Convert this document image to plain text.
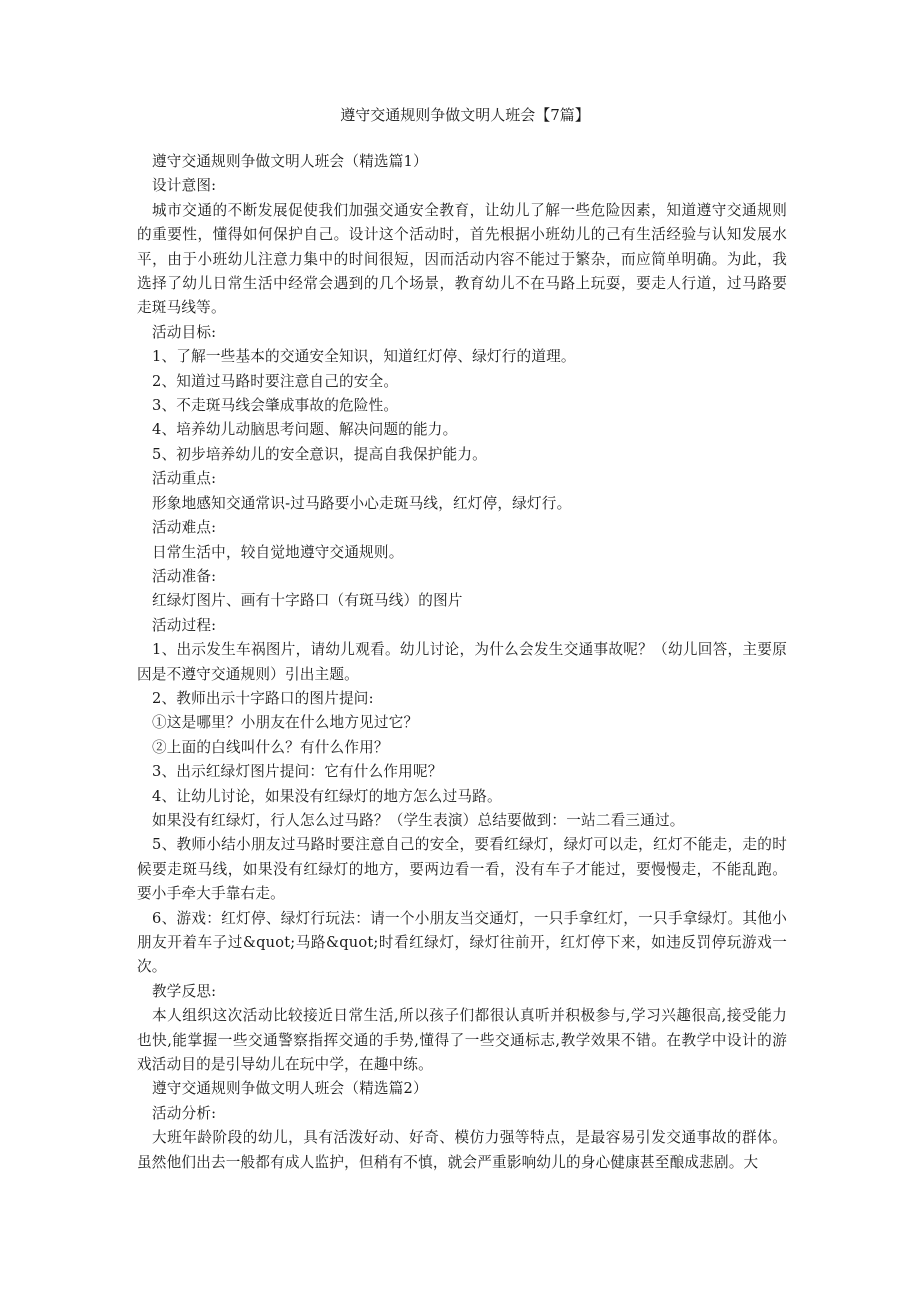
遵守交通规则争做文明人班会【7篇】

遵守交通规则争做文明人班会（精选篇1）

设计意图:

城市交通的不断发展促使我们加强交通安全教育，让幼儿了解一些危险因素，知道遵守交通规则的重要性，懂得如何保护自己。设计这个活动时，首先根据小班幼儿的己有生活经验与认知发展水平，由于小班幼儿注意力集中的时间很短，因而活动内容不能过于繁杂，而应简单明确。为此，我选择了幼儿日常生活中经常会遇到的几个场景，教育幼儿不在马路上玩耍，要走人行道，过马路要走斑马线等。

活动目标:

1、了解一些基本的交通安全知识，知道红灯停、绿灯行的道理。

2、知道过马路时要注意自己的安全。

3、不走斑马线会肇成事故的危险性。

4、培养幼儿动脑思考问题、解决问题的能力。

5、初步培养幼儿的安全意识，提高自我保护能力。

活动重点:

形象地感知交通常识-过马路要小心走斑马线，红灯停，绿灯行。

活动难点:

日常生活中，较自觉地遵守交通规则。

活动准备:

红绿灯图片、画有十字路口（有斑马线）的图片

活动过程:

1、出示发生车祸图片，请幼儿观看。幼儿讨论，为什么会发生交通事故呢？（幼儿回答，主要原因是不遵守交通规则）引出主题。

2、教师出示十字路口的图片提问:

①这是哪里？小朋友在什么地方见过它？

②上面的白线叫什么？有什么作用？

3、出示红绿灯图片提问：它有什么作用呢？

4、让幼儿讨论，如果没有红绿灯的地方怎么过马路。

如果没有红绿灯，行人怎么过马路？（学生表演）总结要做到：一站二看三通过。

5、教师小结小朋友过马路时要注意自己的安全，要看红绿灯，绿灯可以走，红灯不能走，走的时候要走斑马线，如果没有红绿灯的地方，要两边看一看，没有车子才能过，要慢慢走，不能乱跑。要小手牵大手靠右走。

6、游戏：红灯停、绿灯行玩法：请一个小朋友当交通灯，一只手拿红灯，一只手拿绿灯。其他小朋友开着车子过&quot;马路&quot;时看红绿灯，绿灯往前开，红灯停下来，如违反罚停玩游戏一次。

教学反思:

本人组织这次活动比较接近日常生活,所以孩子们都很认真听并积极参与,学习兴趣很高,接受能力也快,能掌握一些交通警察指挥交通的手势,懂得了一些交通标志,教学效果不错。在教学中设计的游戏活动目的是引导幼儿在玩中学，在趣中练。

遵守交通规则争做文明人班会（精选篇2）

活动分析:

大班年龄阶段的幼儿，具有活泼好动、好奇、模仿力强等特点，是最容易引发交通事故的群体。虽然他们出去一般都有成人监护，但稍有不慎，就会严重影响幼儿的身心健康甚至酿成悲剧。大
